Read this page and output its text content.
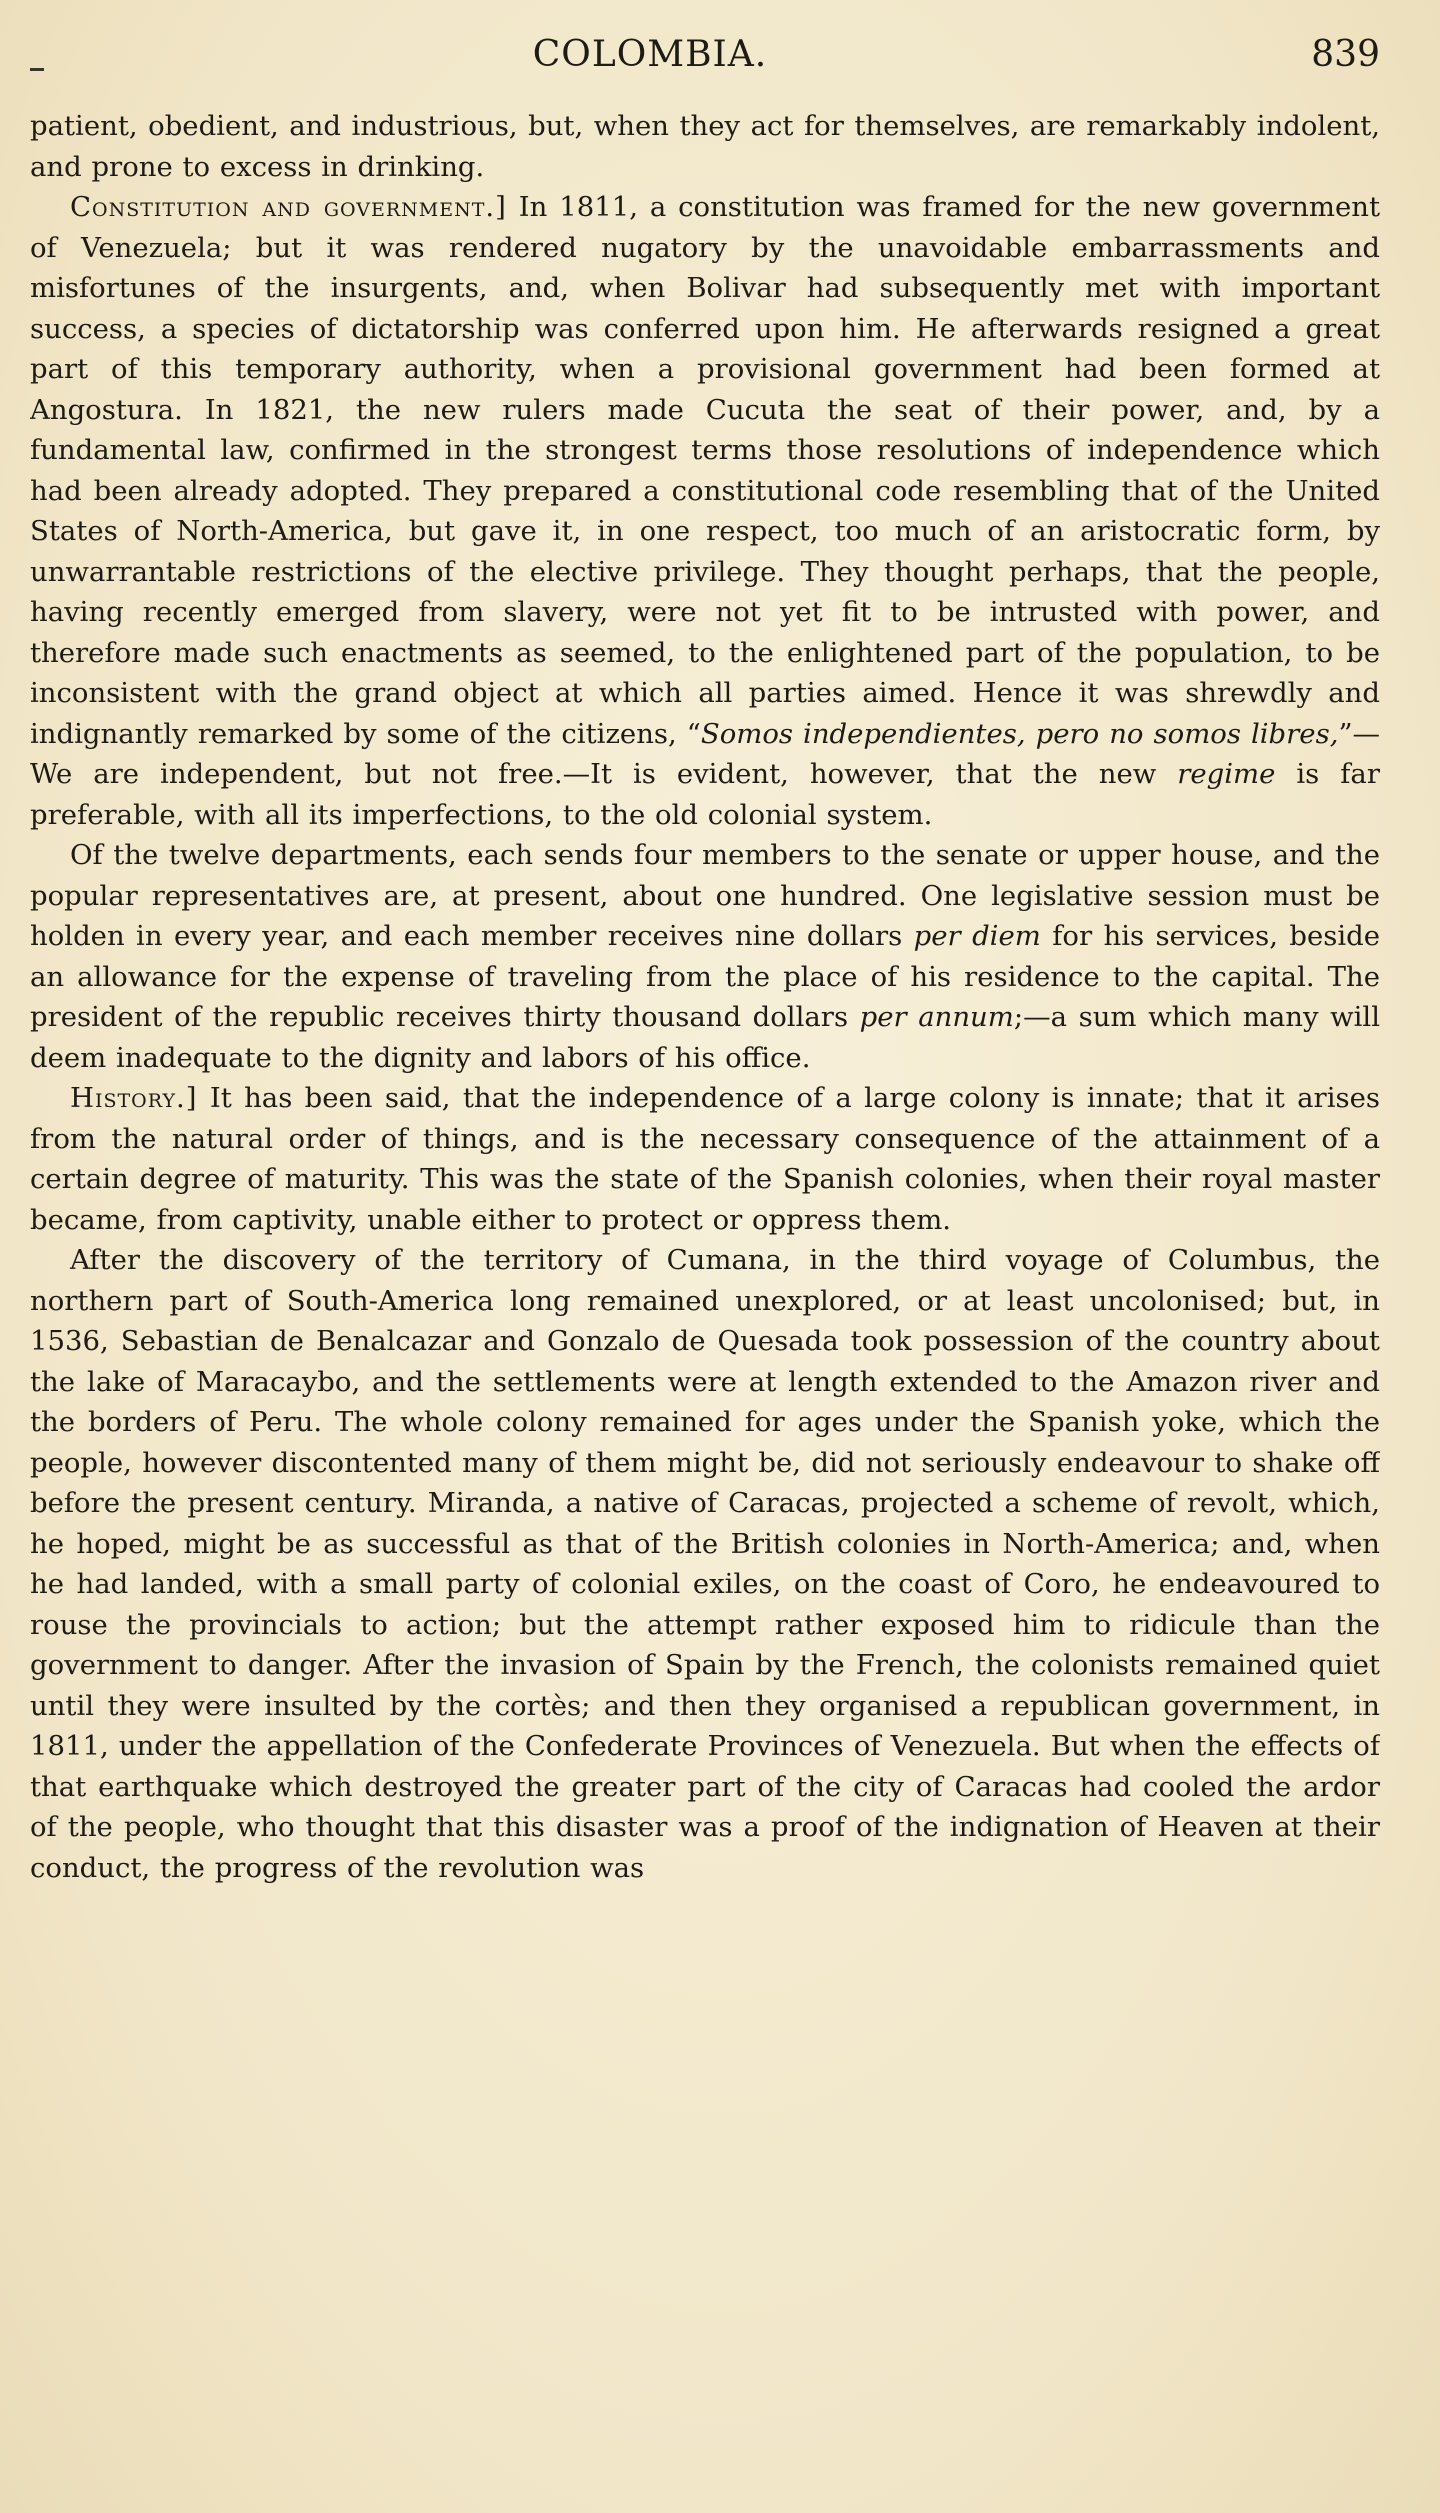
COLOMBIA.	839

patient, obedient, and industrious, but, when they act for themselves, are remarkably indolent, and prone to excess in drinking.

Constitution and government.] In 1811, a constitution was framed for the new government of Venezuela; but it was rendered nugatory by the unavoidable embarrassments and misfortunes of the insurgents, and, when Bolivar had subsequently met with important success, a species of dictatorship was conferred upon him. He afterwards resigned a great part of this temporary authority, when a provisional government had been formed at Angostura. In 1821, the new rulers made Cucuta the seat of their power, and, by a fundamental law, confirmed in the strongest terms those resolutions of independence which had been already adopted. They prepared a constitutional code resembling that of the United States of North-America, but gave it, in one respect, too much of an aristocratic form, by unwarrantable restrictions of the elective privilege. They thought perhaps, that the people, having recently emerged from slavery, were not yet fit to be intrusted with power, and therefore made such enactments as seemed, to the enlightened part of the population, to be inconsistent with the grand object at which all parties aimed. Hence it was shrewdly and indignantly remarked by some of the citizens, “Somos independientes, pero no somos libres,”—We are independent, but not free.—It is evident, however, that the new regime is far preferable, with all its imperfections, to the old colonial system.

Of the twelve departments, each sends four members to the senate or upper house, and the popular representatives are, at present, about one hundred. One legislative session must be holden in every year, and each member receives nine dollars per diem for his services, beside an allowance for the expense of traveling from the place of his residence to the capital. The president of the republic receives thirty thousand dollars per annum;—a sum which many will deem inadequate to the dignity and labors of his office.

History.] It has been said, that the independence of a large colony is innate; that it arises from the natural order of things, and is the necessary consequence of the attainment of a certain degree of maturity. This was the state of the Spanish colonies, when their royal master became, from captivity, unable either to protect or oppress them.

After the discovery of the territory of Cumana, in the third voyage of Columbus, the northern part of South-America long remained unexplored, or at least uncolonised; but, in 1536, Sebastian de Benalcazar and Gonzalo de Quesada took possession of the country about the lake of Maracaybo, and the settlements were at length extended to the Amazon river and the borders of Peru. The whole colony remained for ages under the Spanish yoke, which the people, however discontented many of them might be, did not seriously endeavour to shake off before the present century. Miranda, a native of Caracas, projected a scheme of revolt, which, he hoped, might be as successful as that of the British colonies in North-America; and, when he had landed, with a small party of colonial exiles, on the coast of Coro, he endeavoured to rouse the provincials to action; but the attempt rather exposed him to ridicule than the government to danger. After the invasion of Spain by the French, the colonists remained quiet until they were insulted by the cortès; and then they organised a republican government, in 1811, under the appellation of the Confederate Provinces of Venezuela. But when the effects of that earthquake which destroyed the greater part of the city of Caracas had cooled the ardor of the people, who thought that this disaster was a proof of the indignation of Heaven at their conduct, the progress of the revolution was
